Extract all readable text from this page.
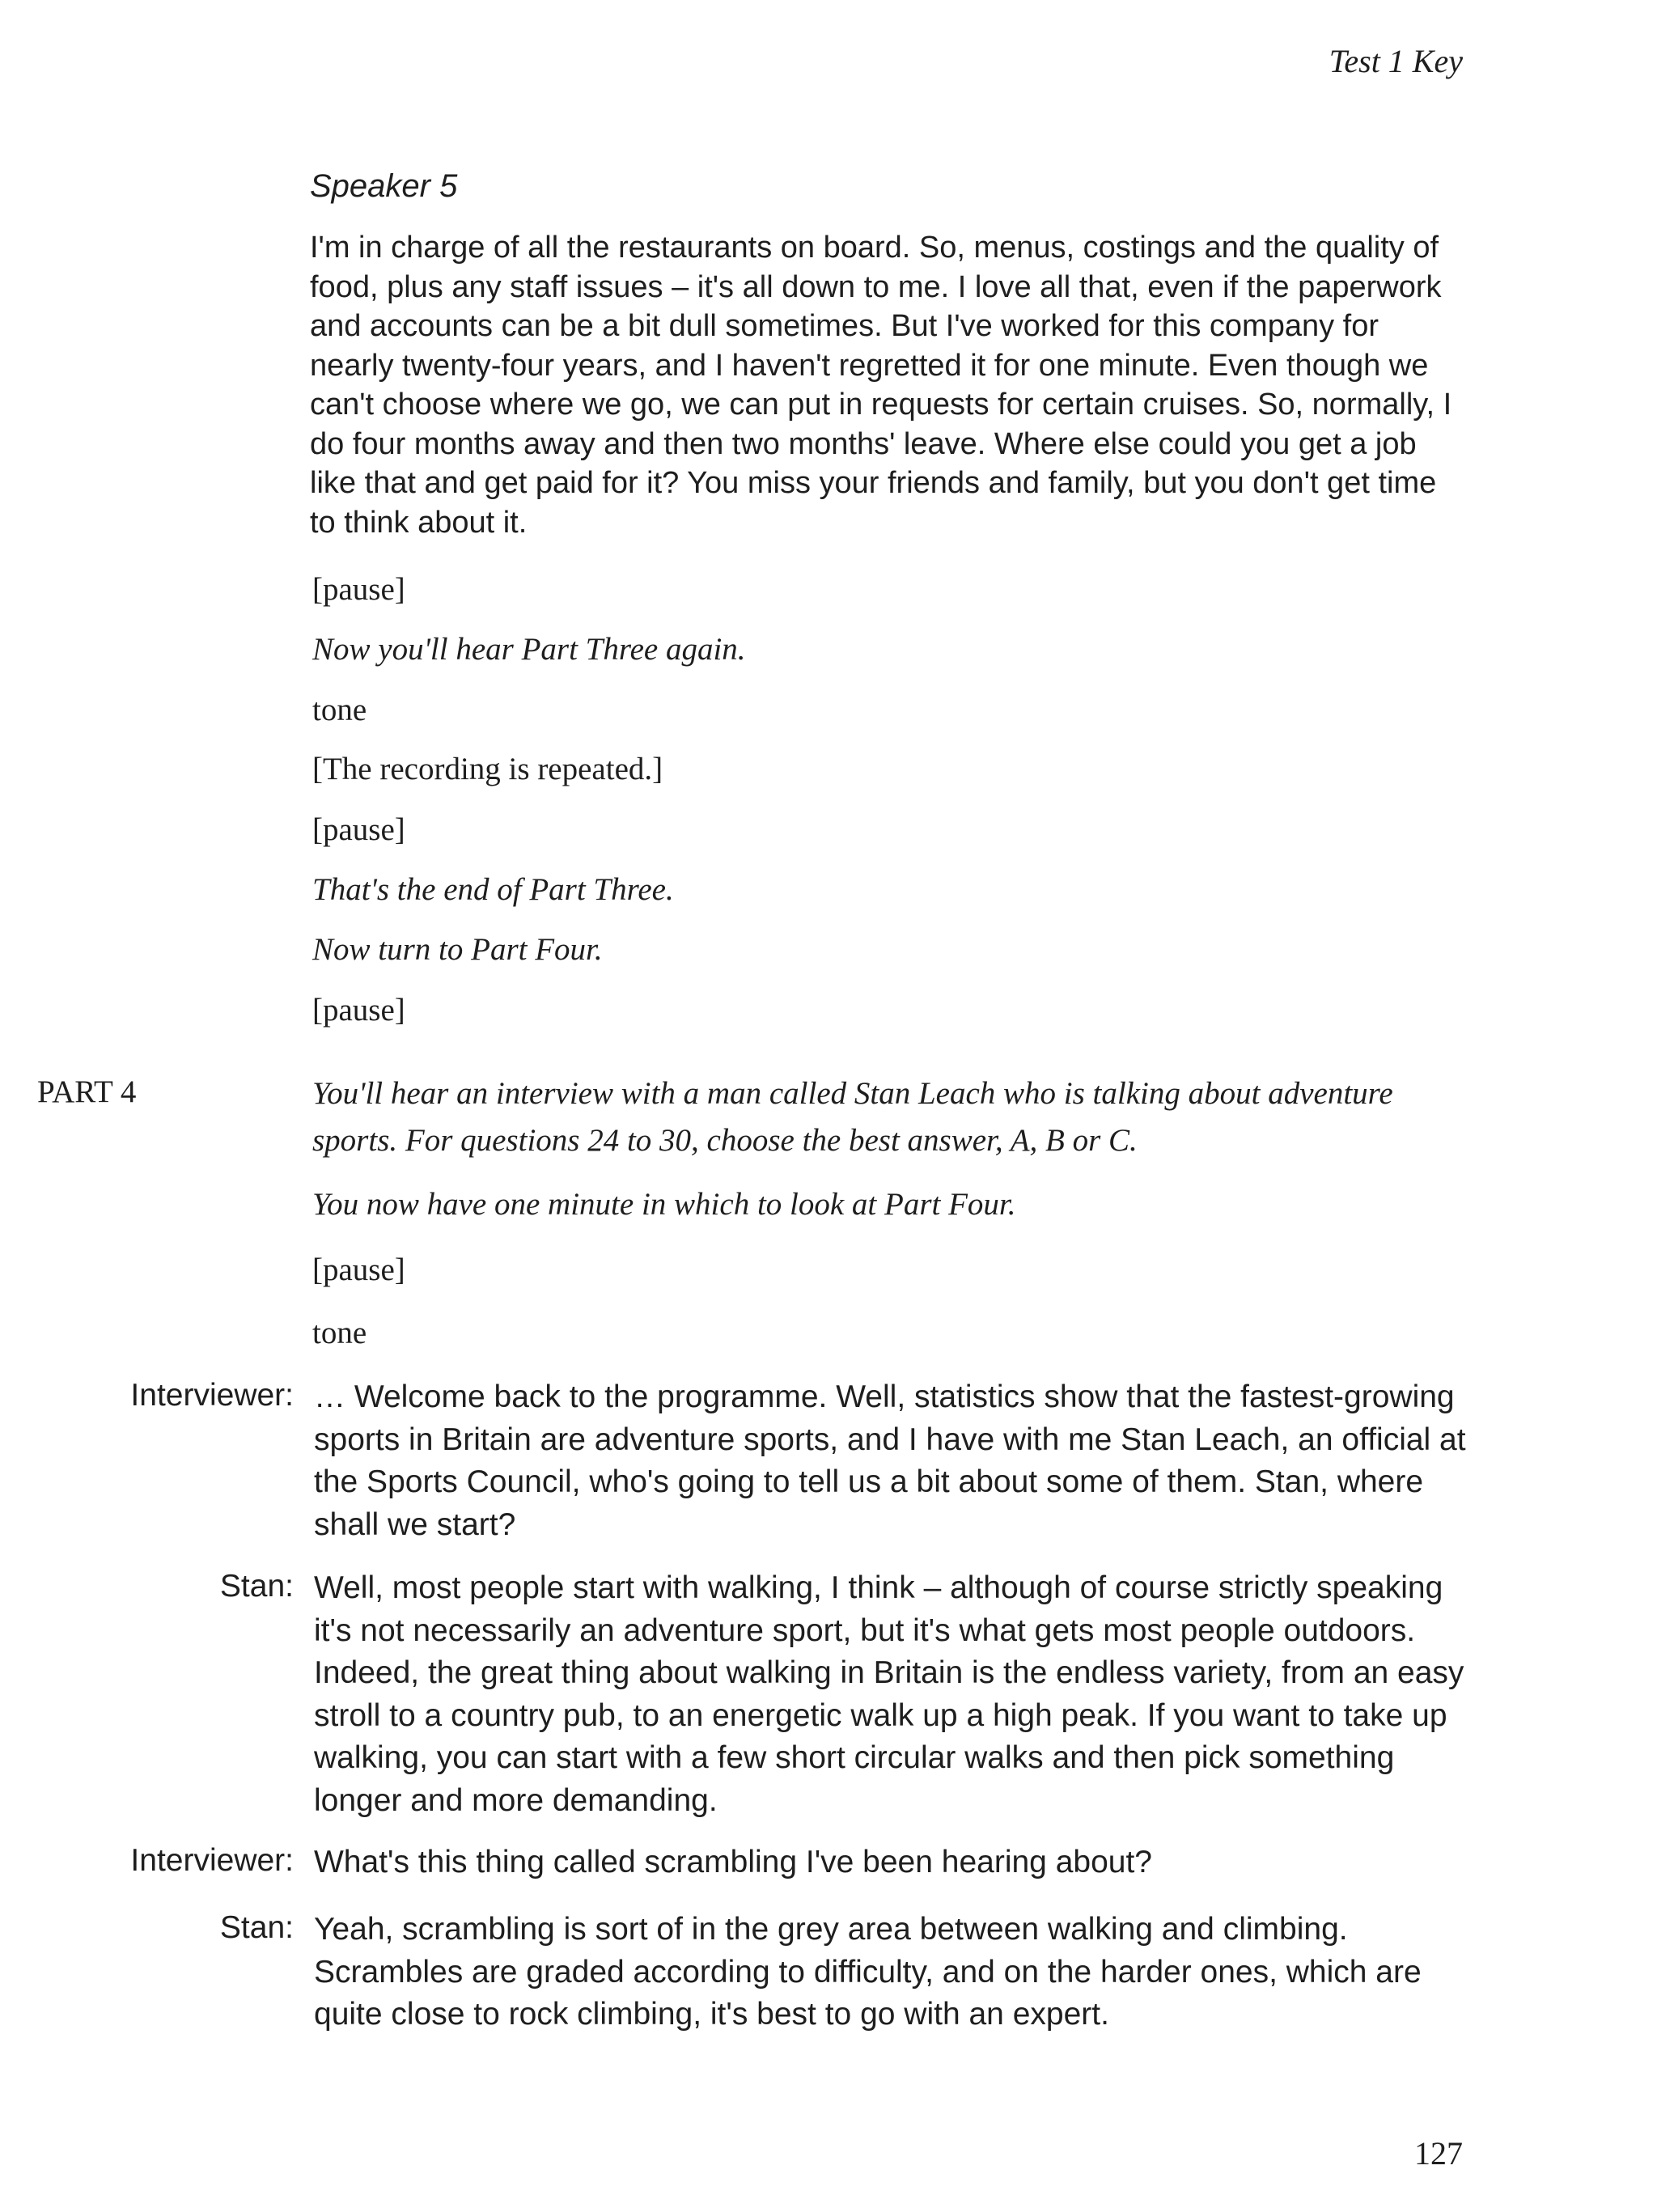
Test 1 Key
Speaker 5
I'm in charge of all the restaurants on board. So, menus, costings and the quality of food, plus any staff issues – it's all down to me. I love all that, even if the paperwork and accounts can be a bit dull sometimes. But I've worked for this company for nearly twenty-four years, and I haven't regretted it for one minute. Even though we can't choose where we go, we can put in requests for certain cruises. So, normally, I do four months away and then two months' leave. Where else could you get a job like that and get paid for it? You miss your friends and family, but you don't get time to think about it.
[pause]
Now you'll hear Part Three again.
tone
[The recording is repeated.]
[pause]
That's the end of Part Three.
Now turn to Part Four.
[pause]
PART 4	You'll hear an interview with a man called Stan Leach who is talking about adventure sports. For questions 24 to 30, choose the best answer, A, B or C.
You now have one minute in which to look at Part Four.
[pause]
tone
Interviewer: … Welcome back to the programme. Well, statistics show that the fastest-growing sports in Britain are adventure sports, and I have with me Stan Leach, an official at the Sports Council, who's going to tell us a bit about some of them. Stan, where shall we start?
Stan: Well, most people start with walking, I think – although of course strictly speaking it's not necessarily an adventure sport, but it's what gets most people outdoors. Indeed, the great thing about walking in Britain is the endless variety, from an easy stroll to a country pub, to an energetic walk up a high peak. If you want to take up walking, you can start with a few short circular walks and then pick something longer and more demanding.
Interviewer: What's this thing called scrambling I've been hearing about?
Stan: Yeah, scrambling is sort of in the grey area between walking and climbing. Scrambles are graded according to difficulty, and on the harder ones, which are quite close to rock climbing, it's best to go with an expert.
127
